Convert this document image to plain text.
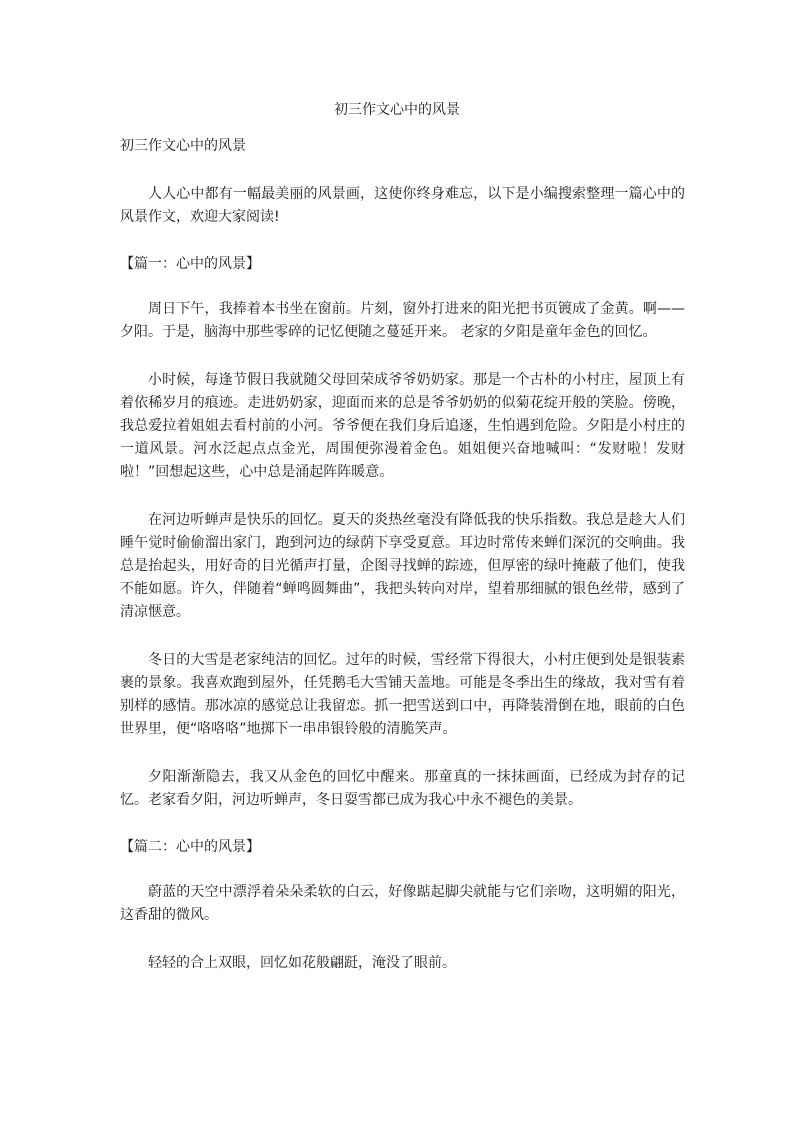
初三作文心中的风景
初三作文心中的风景

人人心中都有一幅最美丽的风景画，这使你终身难忘，以下是小编搜索整理一篇心中的风景作文，欢迎大家阅读!

【篇一：心中的风景】

周日下午，我捧着本书坐在窗前。片刻，窗外打进来的阳光把书页镀成了金黄。啊——夕阳。于是，脑海中那些零碎的记忆便随之蔓延开来。 老家的夕阳是童年金色的回忆。

小时候，每逢节假日我就随父母回荣成爷爷奶奶家。那是一个古朴的小村庄，屋顶上有着依稀岁月的痕迹。走进奶奶家，迎面而来的总是爷爷奶奶的似菊花绽开般的笑脸。傍晚，我总爱拉着姐姐去看村前的小河。爷爷便在我们身后追逐，生怕遇到危险。夕阳是小村庄的一道风景。河水泛起点点金光，周围便弥漫着金色。姐姐便兴奋地喊叫：“发财啦！发财啦！”回想起这些，心中总是涌起阵阵暖意。

在河边听蝉声是快乐的回忆。夏天的炎热丝毫没有降低我的快乐指数。我总是趁大人们睡午觉时偷偷溜出家门，跑到河边的绿荫下享受夏意。耳边时常传来蝉们深沉的交响曲。我总是抬起头，用好奇的目光循声打量，企图寻找蝉的踪迹，但厚密的绿叶掩蔽了他们，使我不能如愿。许久，伴随着“蝉鸣圆舞曲”，我把头转向对岸，望着那细腻的银色丝带，感到了清凉惬意。

冬日的大雪是老家纯洁的回忆。过年的时候，雪经常下得很大，小村庄便到处是银装素裹的景象。我喜欢跑到屋外，任凭鹅毛大雪铺天盖地。可能是冬季出生的缘故，我对雪有着别样的感情。那冰凉的感觉总让我留恋。抓一把雪送到口中，再降装滑倒在地，眼前的白色世界里，便“咯咯咯”地掷下一串串银铃般的清脆笑声。

夕阳渐渐隐去，我又从金色的回忆中醒来。那童真的一抹抹画面，已经成为封存的记忆。老家看夕阳，河边听蝉声，冬日耍雪都已成为我心中永不褪色的美景。

【篇二：心中的风景】

蔚蓝的天空中漂浮着朵朵柔软的白云，好像踮起脚尖就能与它们亲吻，这明媚的阳光，这香甜的微风。

轻轻的合上双眼，回忆如花般翩跹，淹没了眼前。
